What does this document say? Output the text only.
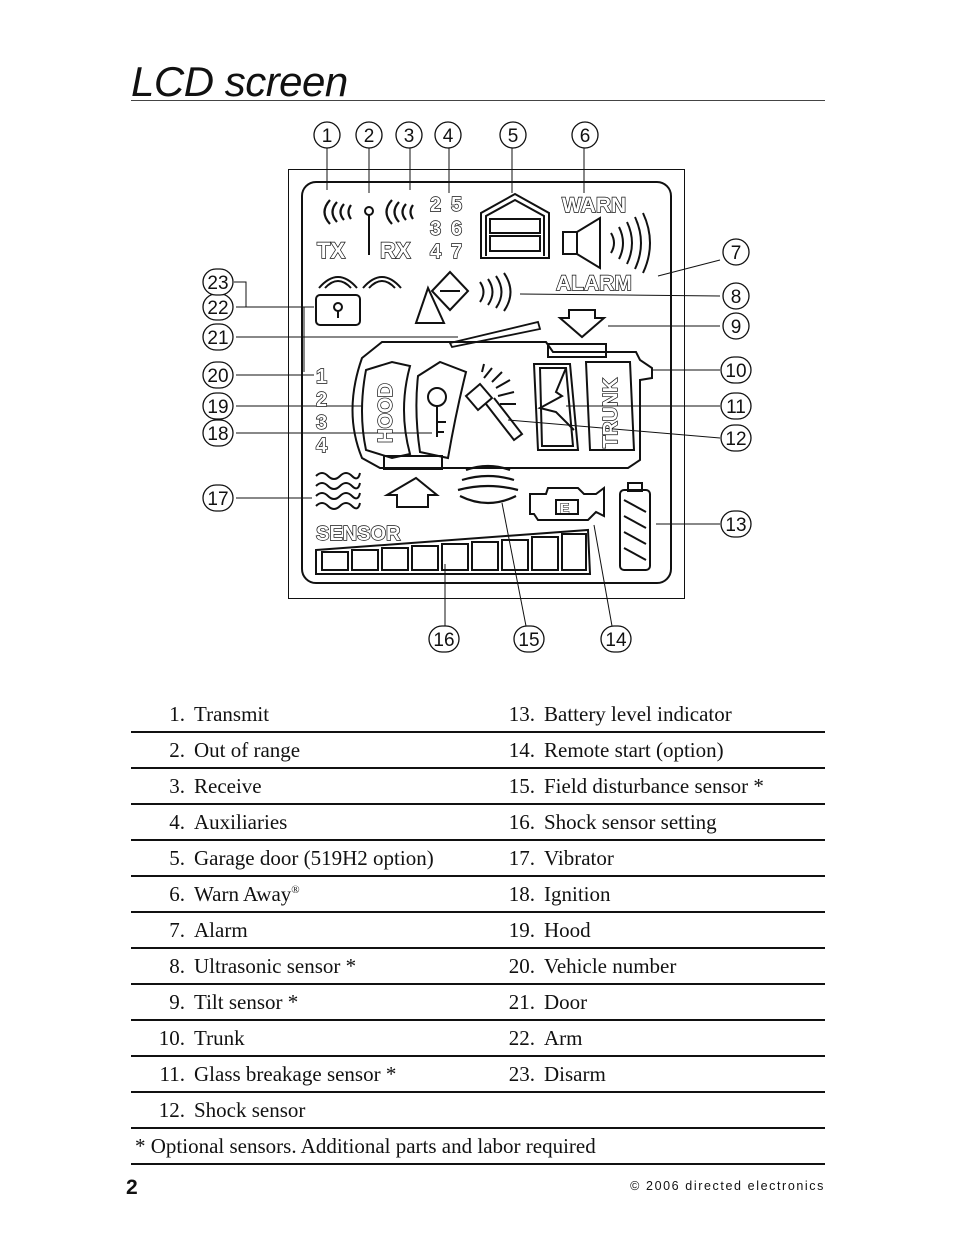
LCD screen
1 2 3 4	5	6
7
8
9
10
11
12
13
14
15
16
17
18
19
20
21
22
23
TX RX
2 5
3 6
4 7
WARN
ALARM
HOOD	TRUNK
1
2
3
4
E
SENSOR
1.	Transmit	13.	Battery level indicator
2.	Out of range	14.	Remote start (option)
3.	Receive	15.	Field disturbance sensor *
4.	Auxiliaries	16.	Shock sensor setting
5.	Garage door (519H2 option)	17.	Vibrator
6.	Warn Away®	18.	Ignition
7.	Alarm	19.	Hood
8.	Ultrasonic sensor *	20.	Vehicle number
9.	Tilt sensor *	21.	Door
10.	Trunk	22.	Arm
11.	Glass breakage sensor *	23.	Disarm
12.	Shock sensor		
* Optional sensors. Additional parts and labor required			
2	© 2006 directed electronics
